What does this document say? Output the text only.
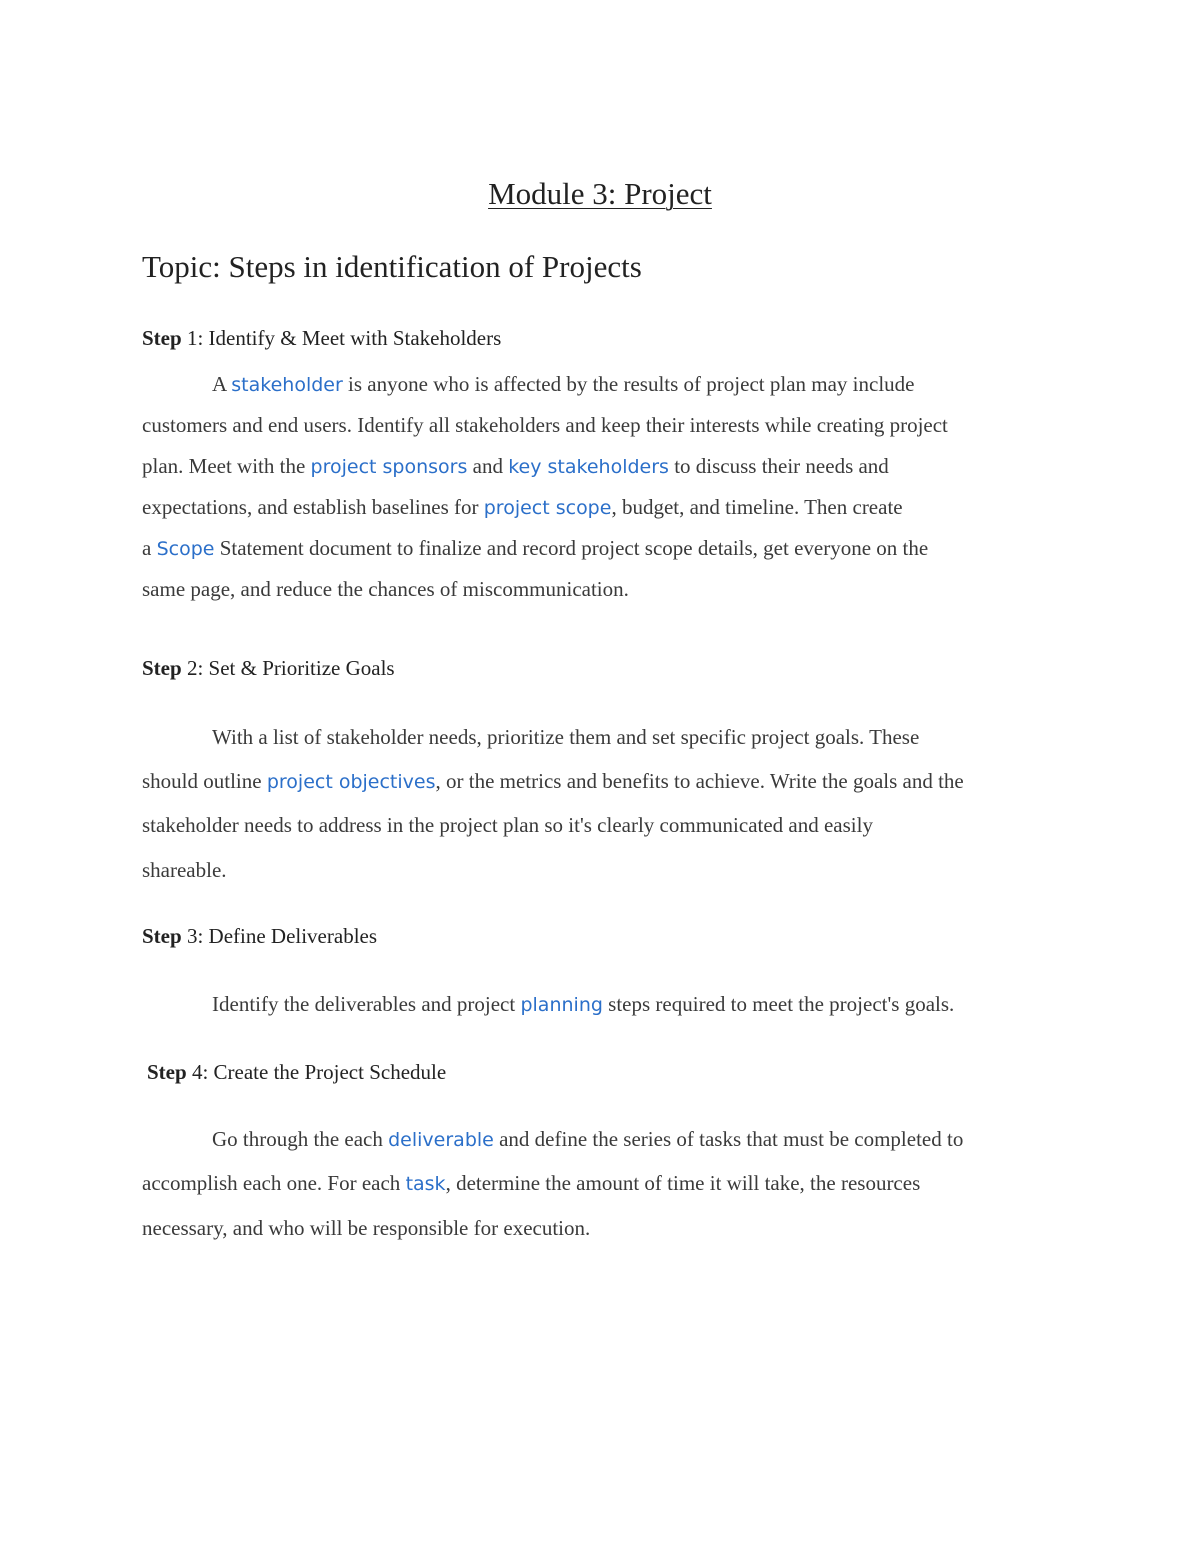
Module 3: Project
Topic: Steps in identification of Projects
Step 1: Identify & Meet with Stakeholders
A stakeholder is anyone who is affected by the results of project plan may include
customers and end users. Identify all stakeholders and keep their interests while creating project
plan. Meet with the project sponsors and key stakeholders to discuss their needs and
expectations, and establish baselines for project scope, budget, and timeline. Then create
a Scope Statement document to finalize and record project scope details, get everyone on the
same page, and reduce the chances of miscommunication.
Step 2: Set & Prioritize Goals
With a list of stakeholder needs, prioritize them and set specific project goals. These
should outline project objectives, or the metrics and benefits to achieve. Write the goals and the
stakeholder needs to address in the project plan so it's clearly communicated and easily
shareable.
Step 3: Define Deliverables
Identify the deliverables and project planning steps required to meet the project's goals.
Step 4: Create the Project Schedule
Go through the each deliverable and define the series of tasks that must be completed to
accomplish each one. For each task, determine the amount of time it will take, the resources
necessary, and who will be responsible for execution.
